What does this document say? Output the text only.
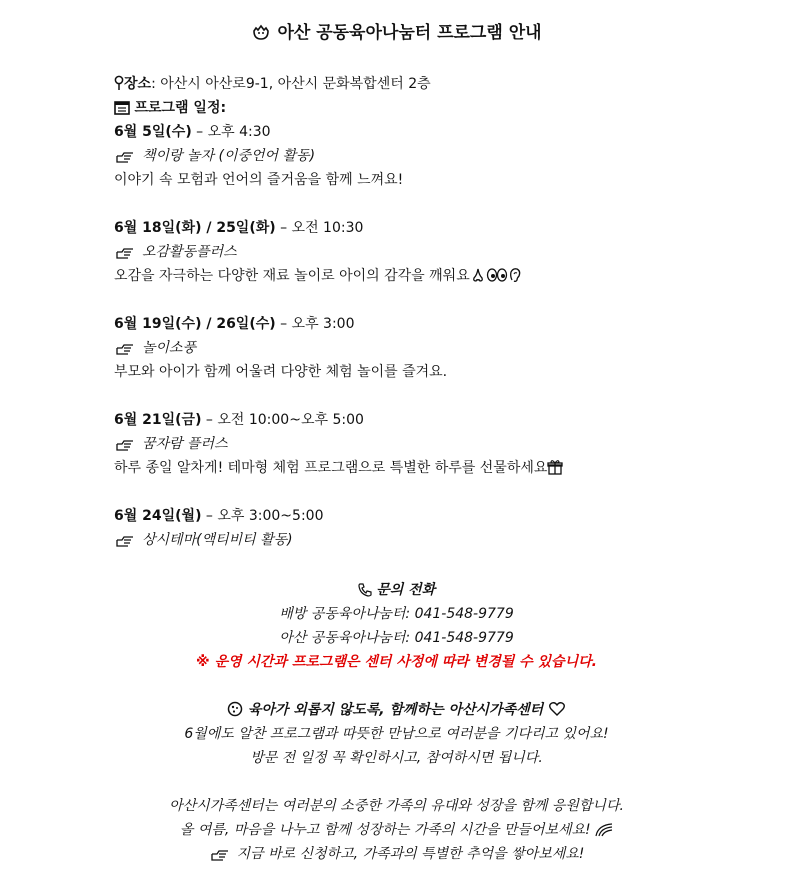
아산 공동육아나눔터 프로그램 안내
장소: 아산시 아산로9-1, 아산시 문화복합센터 2층
프로그램 일정:
6월 5일(수) – 오후 4:30
책이랑 놀자 (이중언어 활동)
이야기 속 모험과 언어의 즐거움을 함께 느껴요!
6월 18일(화) / 25일(화) – 오전 10:30
오감활동플러스
오감을 자극하는 다양한 재료 놀이로 아이의 감각을 깨워요
6월 19일(수) / 26일(수) – 오후 3:00
놀이소풍
부모와 아이가 함께 어울려 다양한 체험 놀이를 즐겨요.
6월 21일(금) – 오전 10:00~오후 5:00
꿈자람 플러스
하루 종일 알차게! 테마형 체험 프로그램으로 특별한 하루를 선물하세요
6월 24일(월) – 오후 3:00~5:00
상시테마(액티비티 활동)
문의 전화
배방 공동육아나눔터: 041-548-9779
아산 공동육아나눔터: 041-548-9779
※ 운영 시간과 프로그램은 센터 사정에 따라 변경될 수 있습니다.
육아가 외롭지 않도록, 함께하는 아산시가족센터
6월에도 알찬 프로그램과 따뜻한 만남으로 여러분을 기다리고 있어요!
방문 전 일정 꼭 확인하시고, 참여하시면 됩니다.
아산시가족센터는 여러분의 소중한 가족의 유대와 성장을 함께 응원합니다.
올 여름, 마음을 나누고 함께 성장하는 가족의 시간을 만들어보세요!
지금 바로 신청하고, 가족과의 특별한 추억을 쌓아보세요!
